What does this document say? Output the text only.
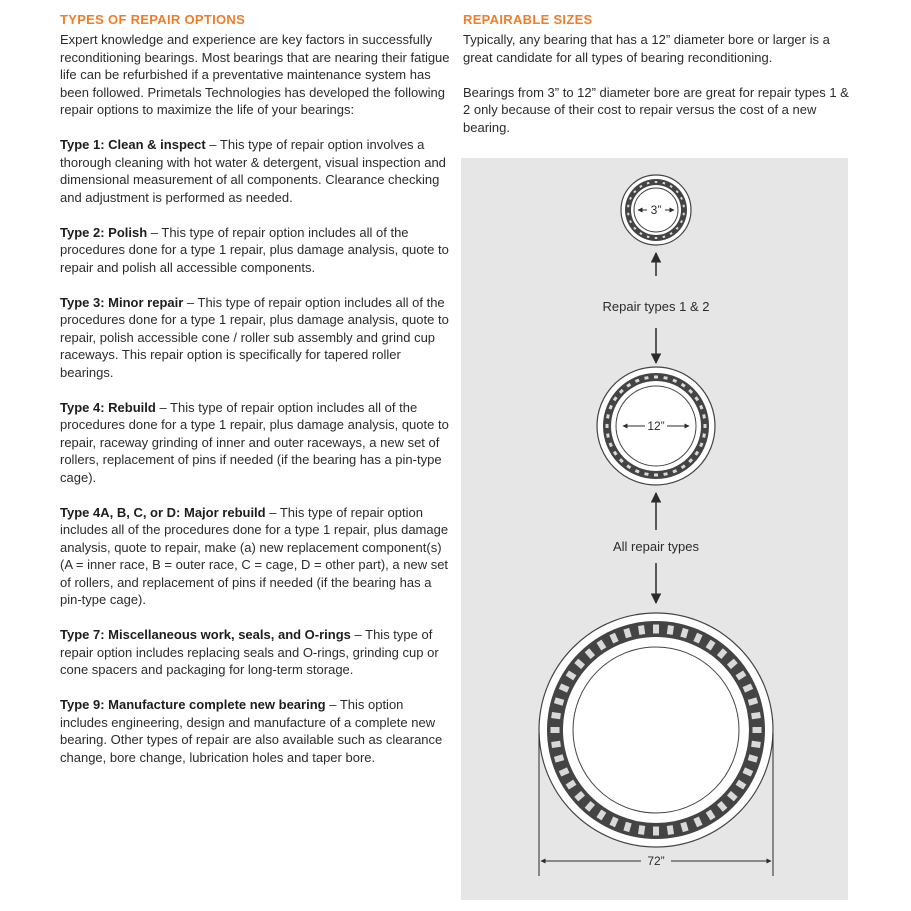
TYPES OF REPAIR OPTIONS

Expert knowledge and experience are key factors in successfully reconditioning bearings. Most bearings that are nearing their fatigue life can be refurbished if a preventative maintenance system has been followed. Primetals Technologies has developed the following repair options to maximize the life of your bearings:

Type 1: Clean & inspect – This type of repair option involves a thorough cleaning with hot water & detergent, visual inspection and dimensional measurement of all components. Clearance checking and adjustment is performed as needed.

Type 2: Polish – This type of repair option includes all of the procedures done for a type 1 repair, plus damage analysis, quote to repair and polish all accessible components.

Type 3: Minor repair – This type of repair option includes all of the procedures done for a type 1 repair, plus damage analysis, quote to repair, polish accessible cone / roller sub assembly and grind cup raceways. This repair option is specifically for tapered roller bearings.

Type 4: Rebuild – This type of repair option includes all of the procedures done for a type 1 repair, plus damage analysis, quote to repair, raceway grinding of inner and outer raceways, a new set of rollers, replacement of pins if needed (if the bearing has a pin-type cage).

Type 4A, B, C, or D: Major rebuild – This type of repair option includes all of the procedures done for a type 1 repair, plus damage analysis, quote to repair, make (a) new replacement component(s) (A = inner race, B = outer race, C = cage, D = other part), a new set of rollers, and replacement of pins if needed (if the bearing has a pin-type cage).

Type 7: Miscellaneous work, seals, and O-rings – This type of repair option includes replacing seals and O-rings, grinding cup or cone spacers and packaging for long-term storage.

Type 9: Manufacture complete new bearing – This option includes engineering, design and manufacture of a complete new bearing. Other types of repair are also available such as clearance change, bore change, lubrication holes and taper bore.

REPAIRABLE SIZES

Typically, any bearing that has a 12” diameter bore or larger is a great candidate for all types of bearing reconditioning.

Bearings from 3” to 12” diameter bore are great for repair types 1 & 2 only because of their cost to repair versus the cost of a new bearing.

3”
Repair types 1 & 2
12”
All repair types
72”
